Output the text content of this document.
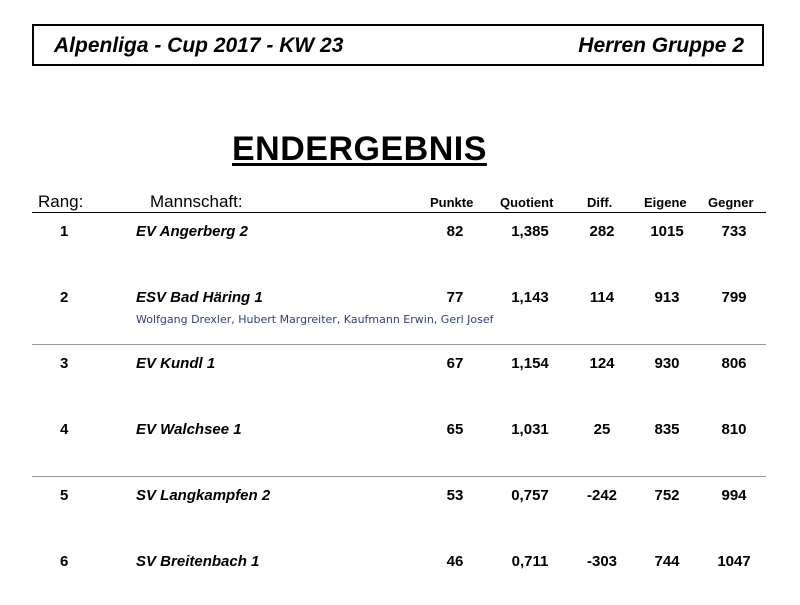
Alpenliga - Cup 2017 - KW 23	Herren Gruppe 2
ENDERGEBNIS
Rang:	Mannschaft:	Punkte Quotient	Diff. Eigene Gegner
1	EV Angerberg 2	82	1,385	282	1015	733
2	ESV Bad Häring 1	77	1,143	114	913	799
Wolfgang Drexler, Hubert Margreiter, Kaufmann Erwin, Gerl Josef
3	EV Kundl 1	67	1,154	124	930	806
4	EV Walchsee 1	65	1,031	25	835	810
5	SV Langkampfen 2	53	0,757	-242	752	994
6	SV Breitenbach 1	46	0,711	-303	744	1047
